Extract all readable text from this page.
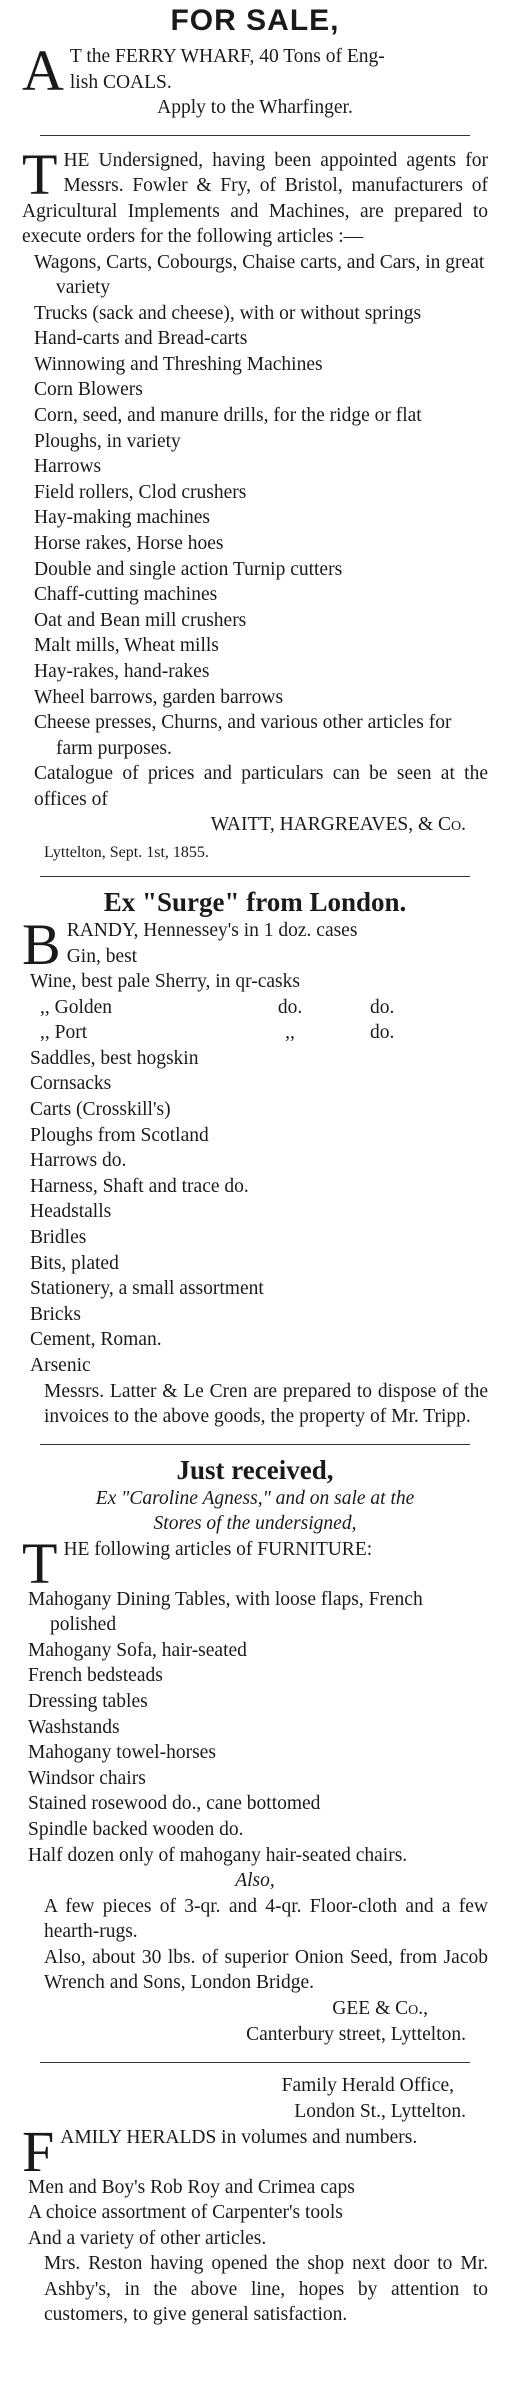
FOR SALE,
A T the FERRY WHARF, 40 Tons of Eng-
lish COALS.
Apply to the Wharfinger.
T HE Undersigned, having been appointed agents for Messrs. Fowler & Fry, of Bristol, manufacturers of Agricultural Implements and Machines, are prepared to execute orders for the following articles :—
Wagons, Carts, Cobourgs, Chaise carts, and Cars, in great variety
Trucks (sack and cheese), with or without springs
Hand-carts and Bread-carts
Winnowing and Threshing Machines
Corn Blowers
Corn, seed, and manure drills, for the ridge or flat
Ploughs, in variety
Harrows
Field rollers, Clod crushers
Hay-making machines
Horse rakes, Horse hoes
Double and single action Turnip cutters
Chaff-cutting machines
Oat and Bean mill crushers
Malt mills, Wheat mills
Hay-rakes, hand-rakes
Wheel barrows, garden barrows
Cheese presses, Churns, and various other articles for farm purposes.
Catalogue of prices and particulars can be seen at the offices of
WAITT, HARGREAVES, & Co.
Lyttelton, Sept. 1st, 1855.
Ex "Surge" from London.
B RANDY, Hennessey's in 1 doz. cases
Gin, best
Wine, best pale Sherry, in qr-casks
,, Golden	do.	do.
,, Port	,,	do.
Saddles, best hogskin
Cornsacks
Carts (Crosskill's)
Ploughs from Scotland
Harrows do.
Harness, Shaft and trace do.
Headstalls
Bridles
Bits, plated
Stationery, a small assortment
Bricks
Cement, Roman.
Arsenic
Messrs. Latter & Le Cren are prepared to dispose of the invoices to the above goods, the property of Mr. Tripp.
Just received,
Ex "Caroline Agness," and on sale at the
Stores of the undersigned,
T HE following articles of FURNITURE:
Mahogany Dining Tables, with loose flaps, French polished
Mahogany Sofa, hair-seated
French bedsteads
Dressing tables
Washstands
Mahogany towel-horses
Windsor chairs
Stained rosewood do., cane bottomed
Spindle backed wooden do.
Half dozen only of mahogany hair-seated chairs.
Also,
A few pieces of 3-qr. and 4-qr. Floor-cloth and a few hearth-rugs.
Also, about 30 lbs. of superior Onion Seed, from Jacob Wrench and Sons, London Bridge.
GEE & Co.,
Canterbury street, Lyttelton.
Family Herald Office,
London St., Lyttelton.
F AMILY HERALDS in volumes and numbers.
Men and Boy's Rob Roy and Crimea caps
A choice assortment of Carpenter's tools
And a variety of other articles.
Mrs. Reston having opened the shop next door to Mr. Ashby's, in the above line, hopes by attention to customers, to give general satisfaction.
